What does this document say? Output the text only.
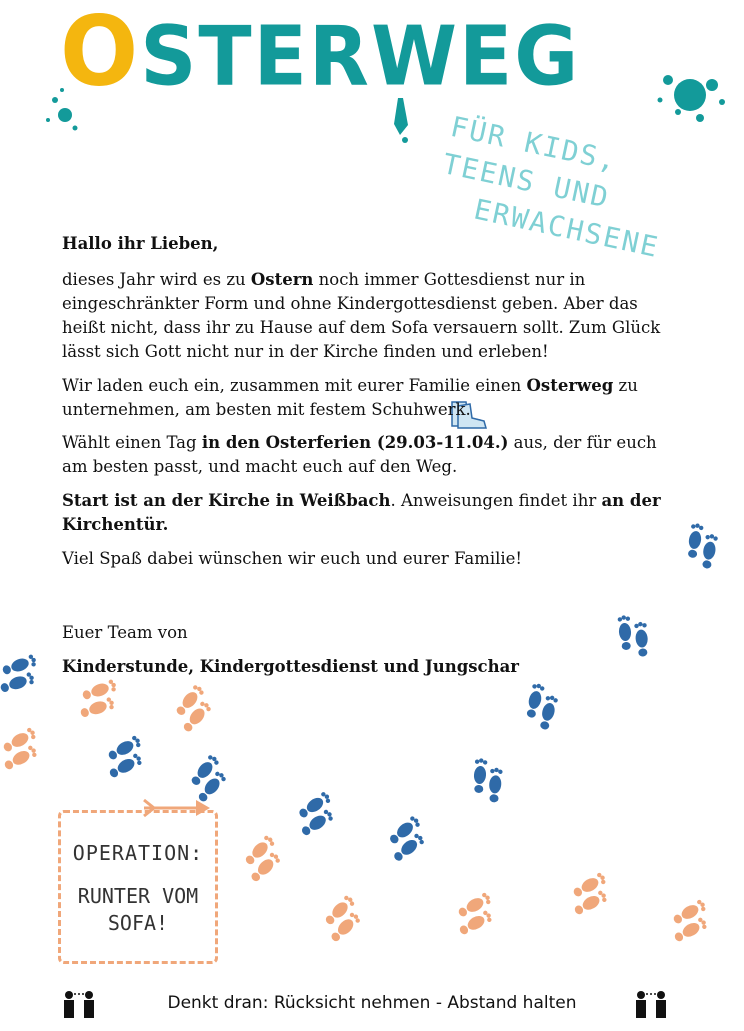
OSTERWEG
FÜR KIDS, TEENS UND
ERWACHSENE

Hallo ihr Lieben,

dieses Jahr wird es zu Ostern noch immer Gottesdienst nur in eingeschränkter Form und ohne Kindergottesdienst geben. Aber das heißt nicht, dass ihr zu Hause auf dem Sofa versauern sollt. Zum Glück lässt sich Gott nicht nur in der Kirche finden und erleben!

Wir laden euch ein, zusammen mit eurer Familie einen Osterweg zu unternehmen, am besten mit festem Schuhwerk.

Wählt einen Tag in den Osterferien (29.03-11.04.) aus, der für euch am besten passt, und macht euch auf den Weg.

Start ist an der Kirche in Weißbach. Anweisungen findet ihr an der Kirchentür.

Viel Spaß dabei wünschen wir euch und eurer Familie!

Euer Team von

Kinderstunde, Kindergottesdienst und Jungschar

OPERATION:
RUNTER VOM
SOFA!
Denkt dran: Rücksicht nehmen - Abstand halten
